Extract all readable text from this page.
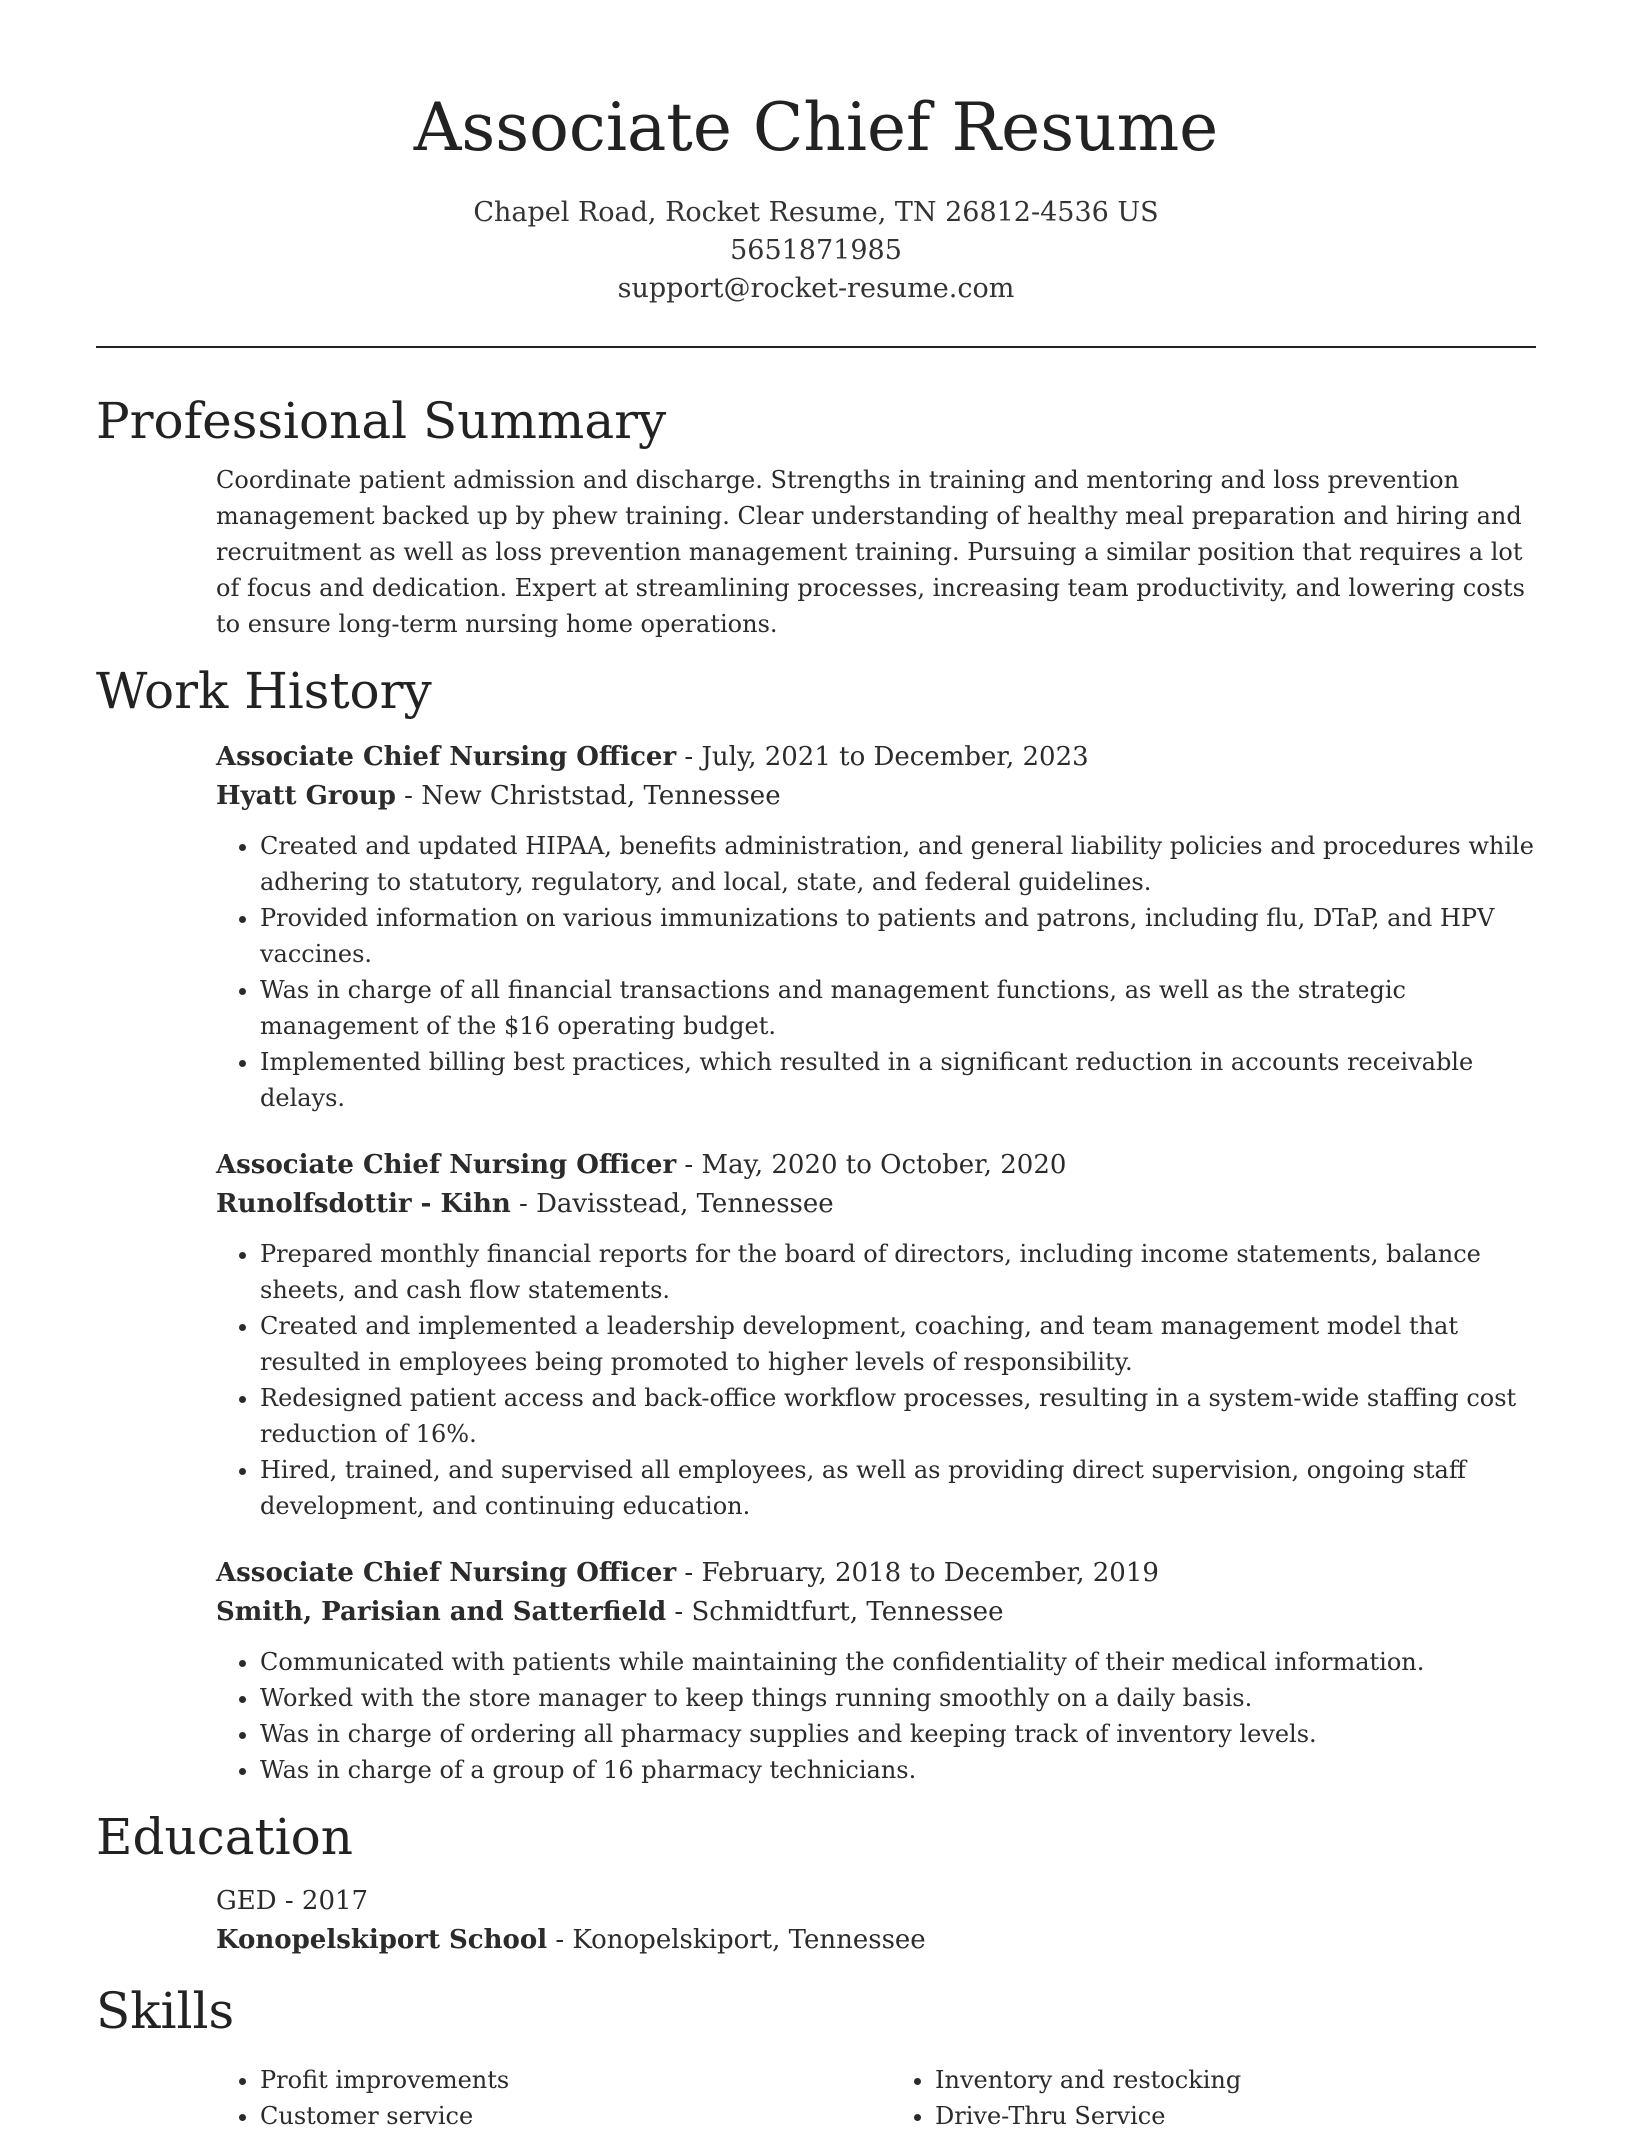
Associate Chief Resume
Chapel Road, Rocket Resume, TN 26812-4536 US
5651871985
support@rocket-resume.com
Professional Summary
Coordinate patient admission and discharge. Strengths in training and mentoring and loss prevention management backed up by phew training. Clear understanding of healthy meal preparation and hiring and recruitment as well as loss prevention management training. Pursuing a similar position that requires a lot of focus and dedication. Expert at streamlining processes, increasing team productivity, and lowering costs to ensure long-term nursing home operations.
Work History
Associate Chief Nursing Officer - July, 2021 to December, 2023
Hyatt Group - New Christstad, Tennessee
• Created and updated HIPAA, benefits administration, and general liability policies and procedures while adhering to statutory, regulatory, and local, state, and federal guidelines.
• Provided information on various immunizations to patients and patrons, including flu, DTaP, and HPV vaccines.
• Was in charge of all financial transactions and management functions, as well as the strategic management of the $16 operating budget.
• Implemented billing best practices, which resulted in a significant reduction in accounts receivable delays.
Associate Chief Nursing Officer - May, 2020 to October, 2020
Runolfsdottir - Kihn - Davisstead, Tennessee
• Prepared monthly financial reports for the board of directors, including income statements, balance sheets, and cash flow statements.
• Created and implemented a leadership development, coaching, and team management model that resulted in employees being promoted to higher levels of responsibility.
• Redesigned patient access and back-office workflow processes, resulting in a system-wide staffing cost reduction of 16%.
• Hired, trained, and supervised all employees, as well as providing direct supervision, ongoing staff development, and continuing education.
Associate Chief Nursing Officer - February, 2018 to December, 2019
Smith, Parisian and Satterfield - Schmidtfurt, Tennessee
• Communicated with patients while maintaining the confidentiality of their medical information.
• Worked with the store manager to keep things running smoothly on a daily basis.
• Was in charge of ordering all pharmacy supplies and keeping track of inventory levels.
• Was in charge of a group of 16 pharmacy technicians.
Education
GED - 2017
Konopelskiport School - Konopelskiport, Tennessee
Skills
• Profit improvements
• Customer service
• Inventory and restocking
• Drive-Thru Service
